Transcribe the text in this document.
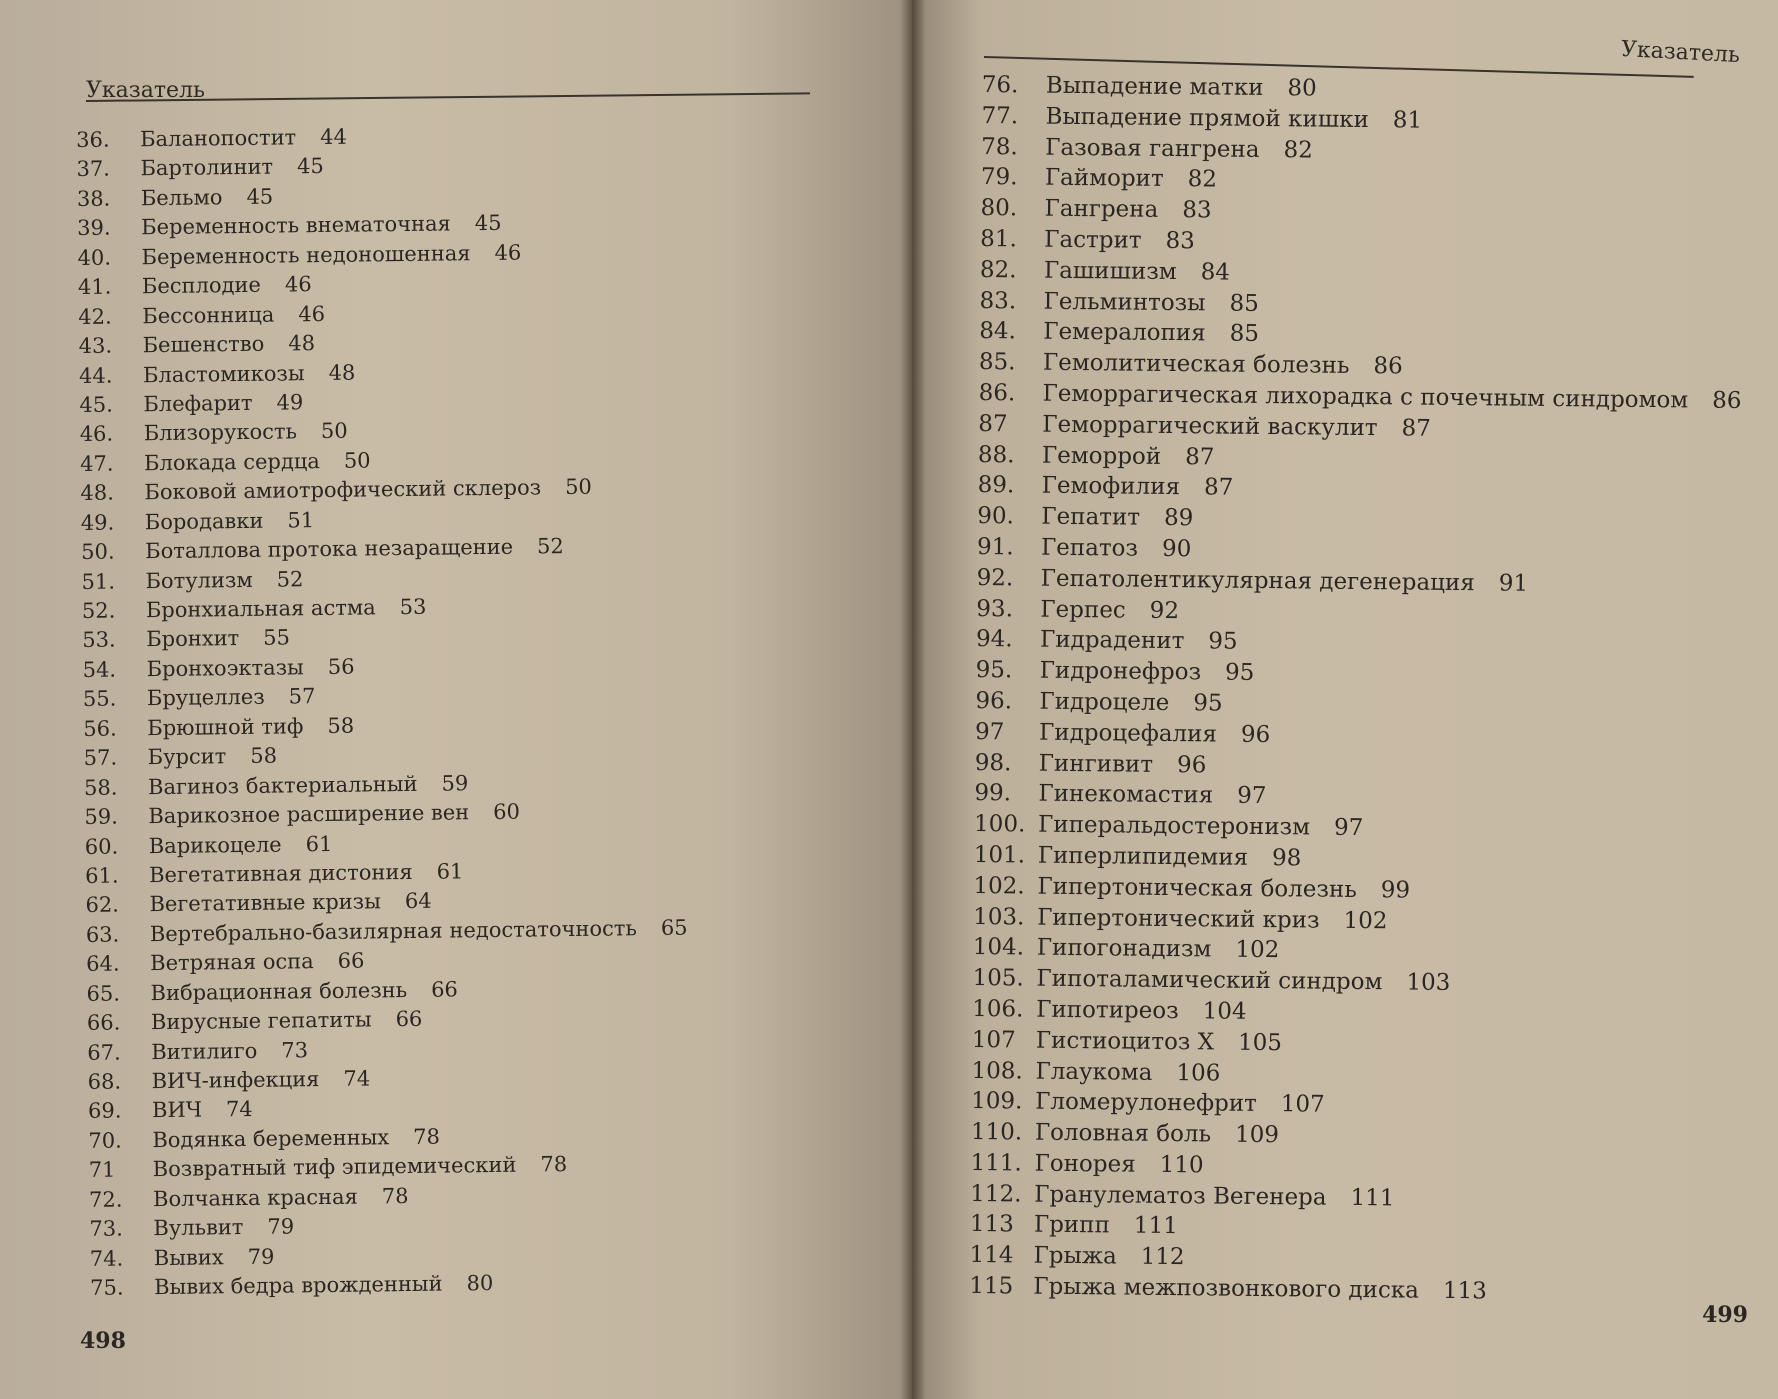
Указатель
36.	Баланопостит 44
37.	Бартолинит 45
38.	Бельмо 45
39.	Беременность внематочная 45
40.	Беременность недоношенная 46
41.	Бесплодие 46
42.	Бессонница 46
43.	Бешенство 48
44.	Бластомикозы 48
45.	Блефарит 49
46.	Близорукость 50
47.	Блокада сердца 50
48.	Боковой амиотрофический склероз 50
49.	Бородавки 51
50.	Боталлова протока незаращение 52
51.	Ботулизм 52
52.	Бронхиальная астма 53
53.	Бронхит 55
54.	Бронхоэктазы 56
55.	Бруцеллез 57
56.	Брюшной тиф 58
57.	Бурсит 58
58.	Вагиноз бактериальный 59
59.	Варикозное расширение вен 60
60.	Варикоцеле 61
61.	Вегетативная дистония 61
62.	Вегетативные кризы 64
63.	Вертебрально-базилярная недостаточность 65
64.	Ветряная оспа 66
65.	Вибрационная болезнь 66
66.	Вирусные гепатиты 66
67.	Витилиго 73
68.	ВИЧ-инфекция 74
69.	ВИЧ 74
70.	Водянка беременных 78
71	Возвратный тиф эпидемический 78
72.	Волчанка красная 78
73.	Вульвит 79
74.	Вывих 79
75.	Вывих бедра врожденный 80
498
Указатель
76.	Выпадение матки 80
77.	Выпадение прямой кишки 81
78.	Газовая гангрена 82
79.	Гайморит 82
80.	Гангрена 83
81.	Гастрит 83
82.	Гашишизм 84
83.	Гельминтозы 85
84.	Гемералопия 85
85.	Гемолитическая болезнь 86
86.	Геморрагическая лихорадка с почечным синдромом 86
87	Геморрагический васкулит 87
88.	Геморрой 87
89.	Гемофилия 87
90.	Гепатит 89
91.	Гепатоз 90
92.	Гепатолентикулярная дегенерация 91
93.	Герпес 92
94.	Гидраденит 95
95.	Гидронефроз 95
96.	Гидроцеле 95
97	Гидроцефалия 96
98.	Гингивит 96
99.	Гинекомастия 97
100. Гиперальдостеронизм 97
101. Гиперлипидемия 98
102. Гипертоническая болезнь 99
103. Гипертонический криз 102
104. Гипогонадизм 102
105. Гипоталамический синдром 103
106. Гипотиреоз 104
107 Гистиоцитоз Х 105
108. Глаукома 106
109. Гломерулонефрит 107
110. Головная боль 109
111. Гонорея 110
112. Гранулематоз Вегенера 111
113 Грипп 111
114 Грыжа 112
115 Грыжа межпозвонкового диска 113
499
